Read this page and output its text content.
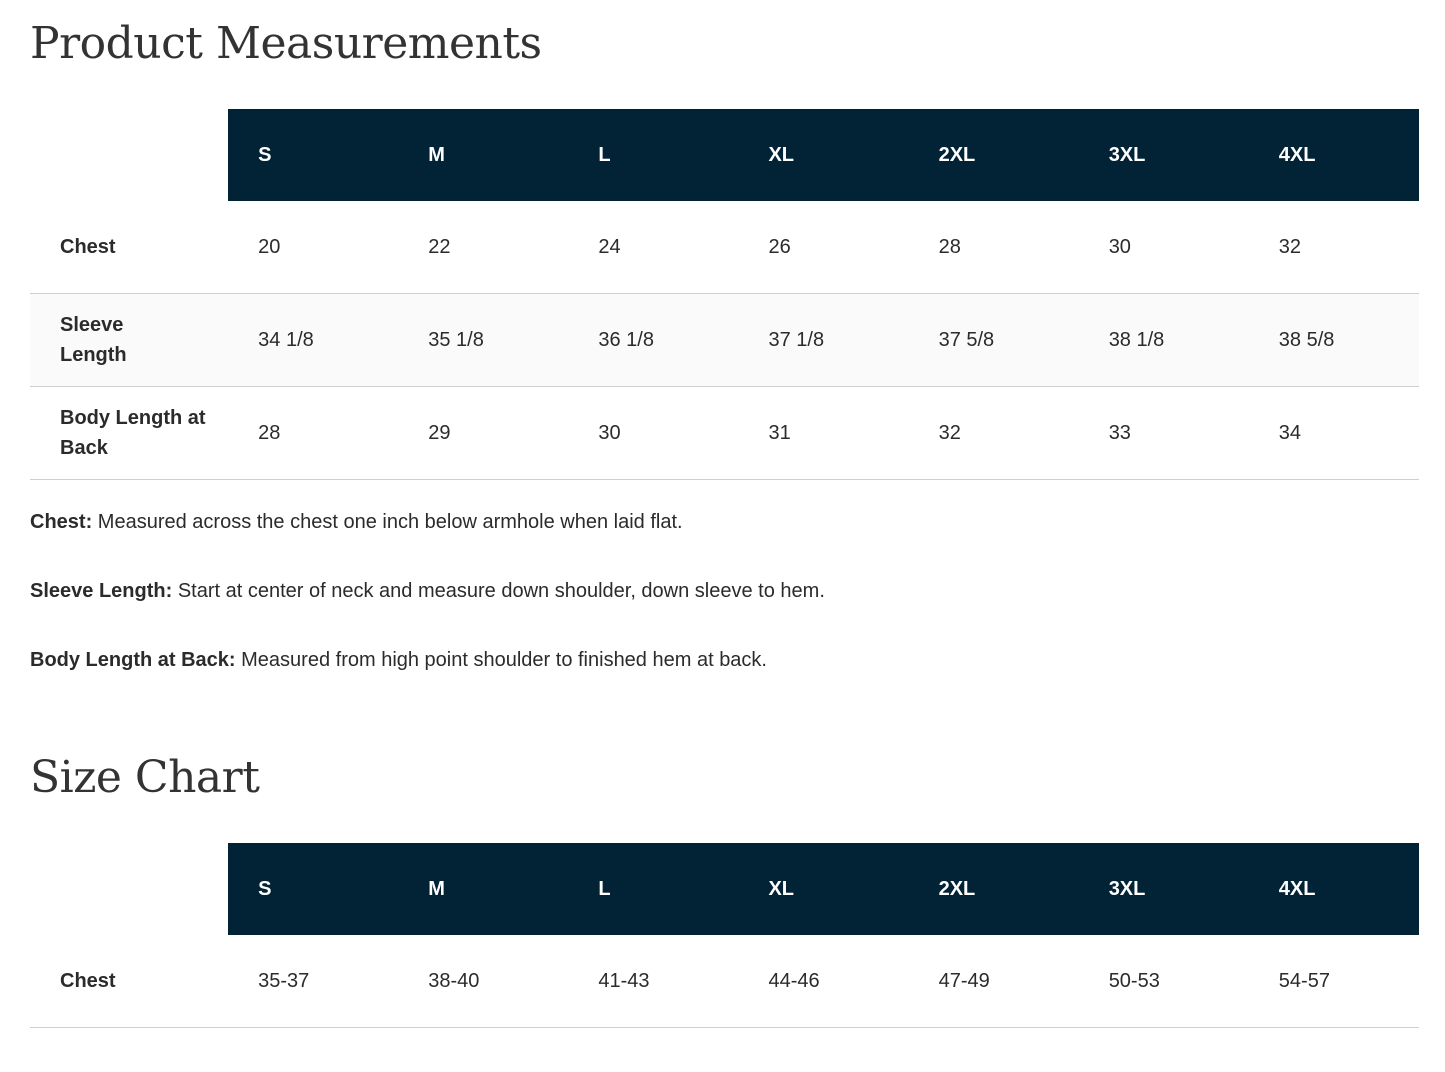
Product Measurements
	S	M	L	XL	2XL	3XL	4XL
Chest	20	22	24	26	28	30	32
Sleeve Length	34 1/8	35 1/8	36 1/8	37 1/8	37 5/8	38 1/8	38 5/8
Body Length at Back	28	29	30	31	32	33	34

Chest: Measured across the chest one inch below armhole when laid flat.

Sleeve Length: Start at center of neck and measure down shoulder, down sleeve to hem.

Body Length at Back: Measured from high point shoulder to finished hem at back.

Size Chart
	S	M	L	XL	2XL	3XL	4XL
Chest	35-37	38-40	41-43	44-46	47-49	50-53	54-57
